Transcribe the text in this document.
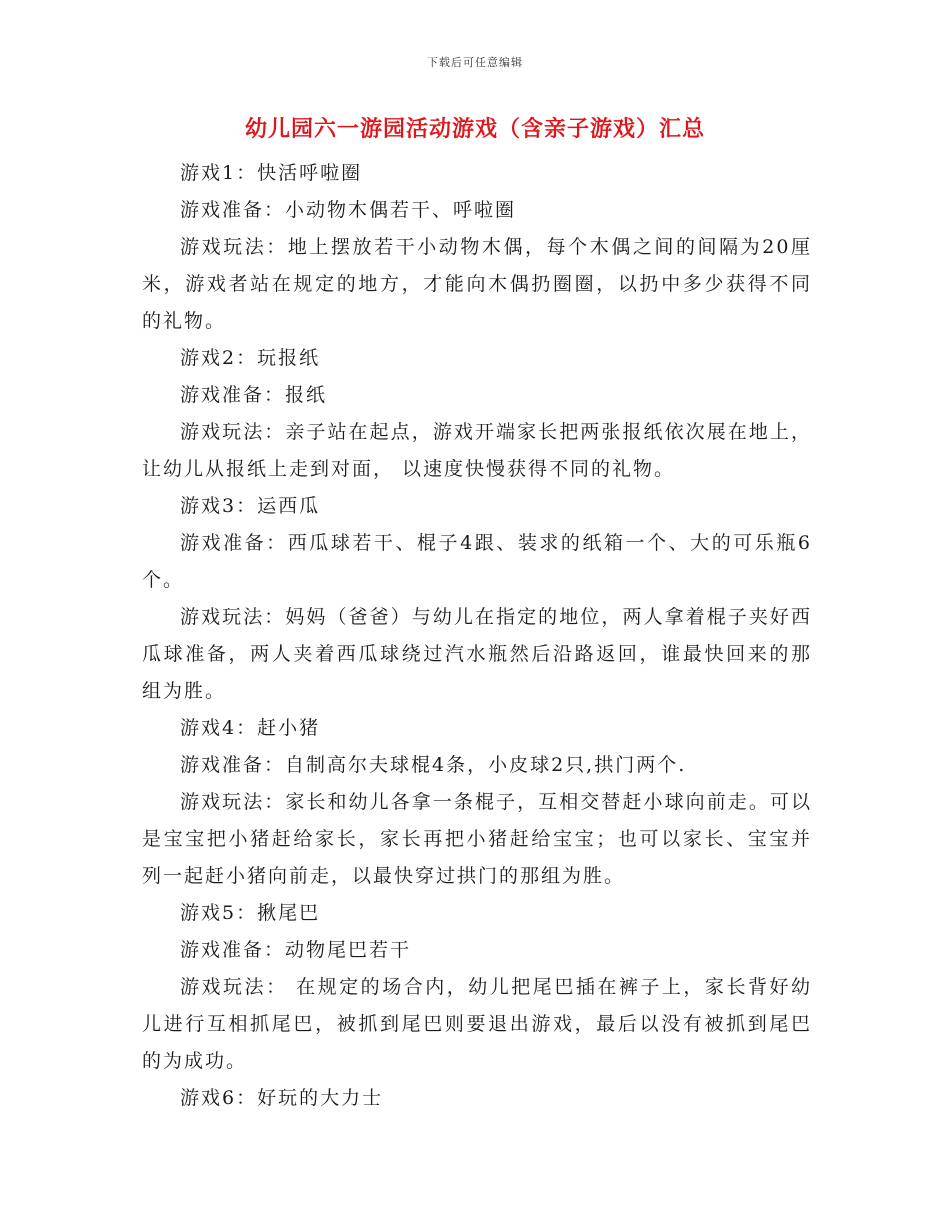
下载后可任意编辑
幼儿园六一游园活动游戏（含亲子游戏）汇总

游戏1：快活呼啦圈

游戏准备：小动物木偶若干、呼啦圈

游戏玩法：地上摆放若干小动物木偶，每个木偶之间的间隔为20厘米，游戏者站在规定的地方，才能向木偶扔圈圈，以扔中多少获得不同的礼物。

游戏2：玩报纸

游戏准备：报纸

游戏玩法：亲子站在起点，游戏开端家长把两张报纸依次展在地上，让幼儿从报纸上走到对面， 以速度快慢获得不同的礼物。

游戏3：运西瓜

游戏准备：西瓜球若干、棍子4跟、装求的纸箱一个、大的可乐瓶6个。

游戏玩法：妈妈（爸爸）与幼儿在指定的地位，两人拿着棍子夹好西瓜球准备，两人夹着西瓜球绕过汽水瓶然后沿路返回，谁最快回来的那组为胜。

游戏4：赶小猪

游戏准备：自制高尔夫球棍4条，小皮球2只,拱门两个.

游戏玩法：家长和幼儿各拿一条棍子，互相交替赶小球向前走。可以是宝宝把小猪赶给家长，家长再把小猪赶给宝宝；也可以家长、宝宝并列一起赶小猪向前走，以最快穿过拱门的那组为胜。

游戏5：揪尾巴

游戏准备：动物尾巴若干

游戏玩法： 在规定的场合内，幼儿把尾巴插在裤子上，家长背好幼儿进行互相抓尾巴，被抓到尾巴则要退出游戏，最后以没有被抓到尾巴的为成功。

游戏6：好玩的大力士
